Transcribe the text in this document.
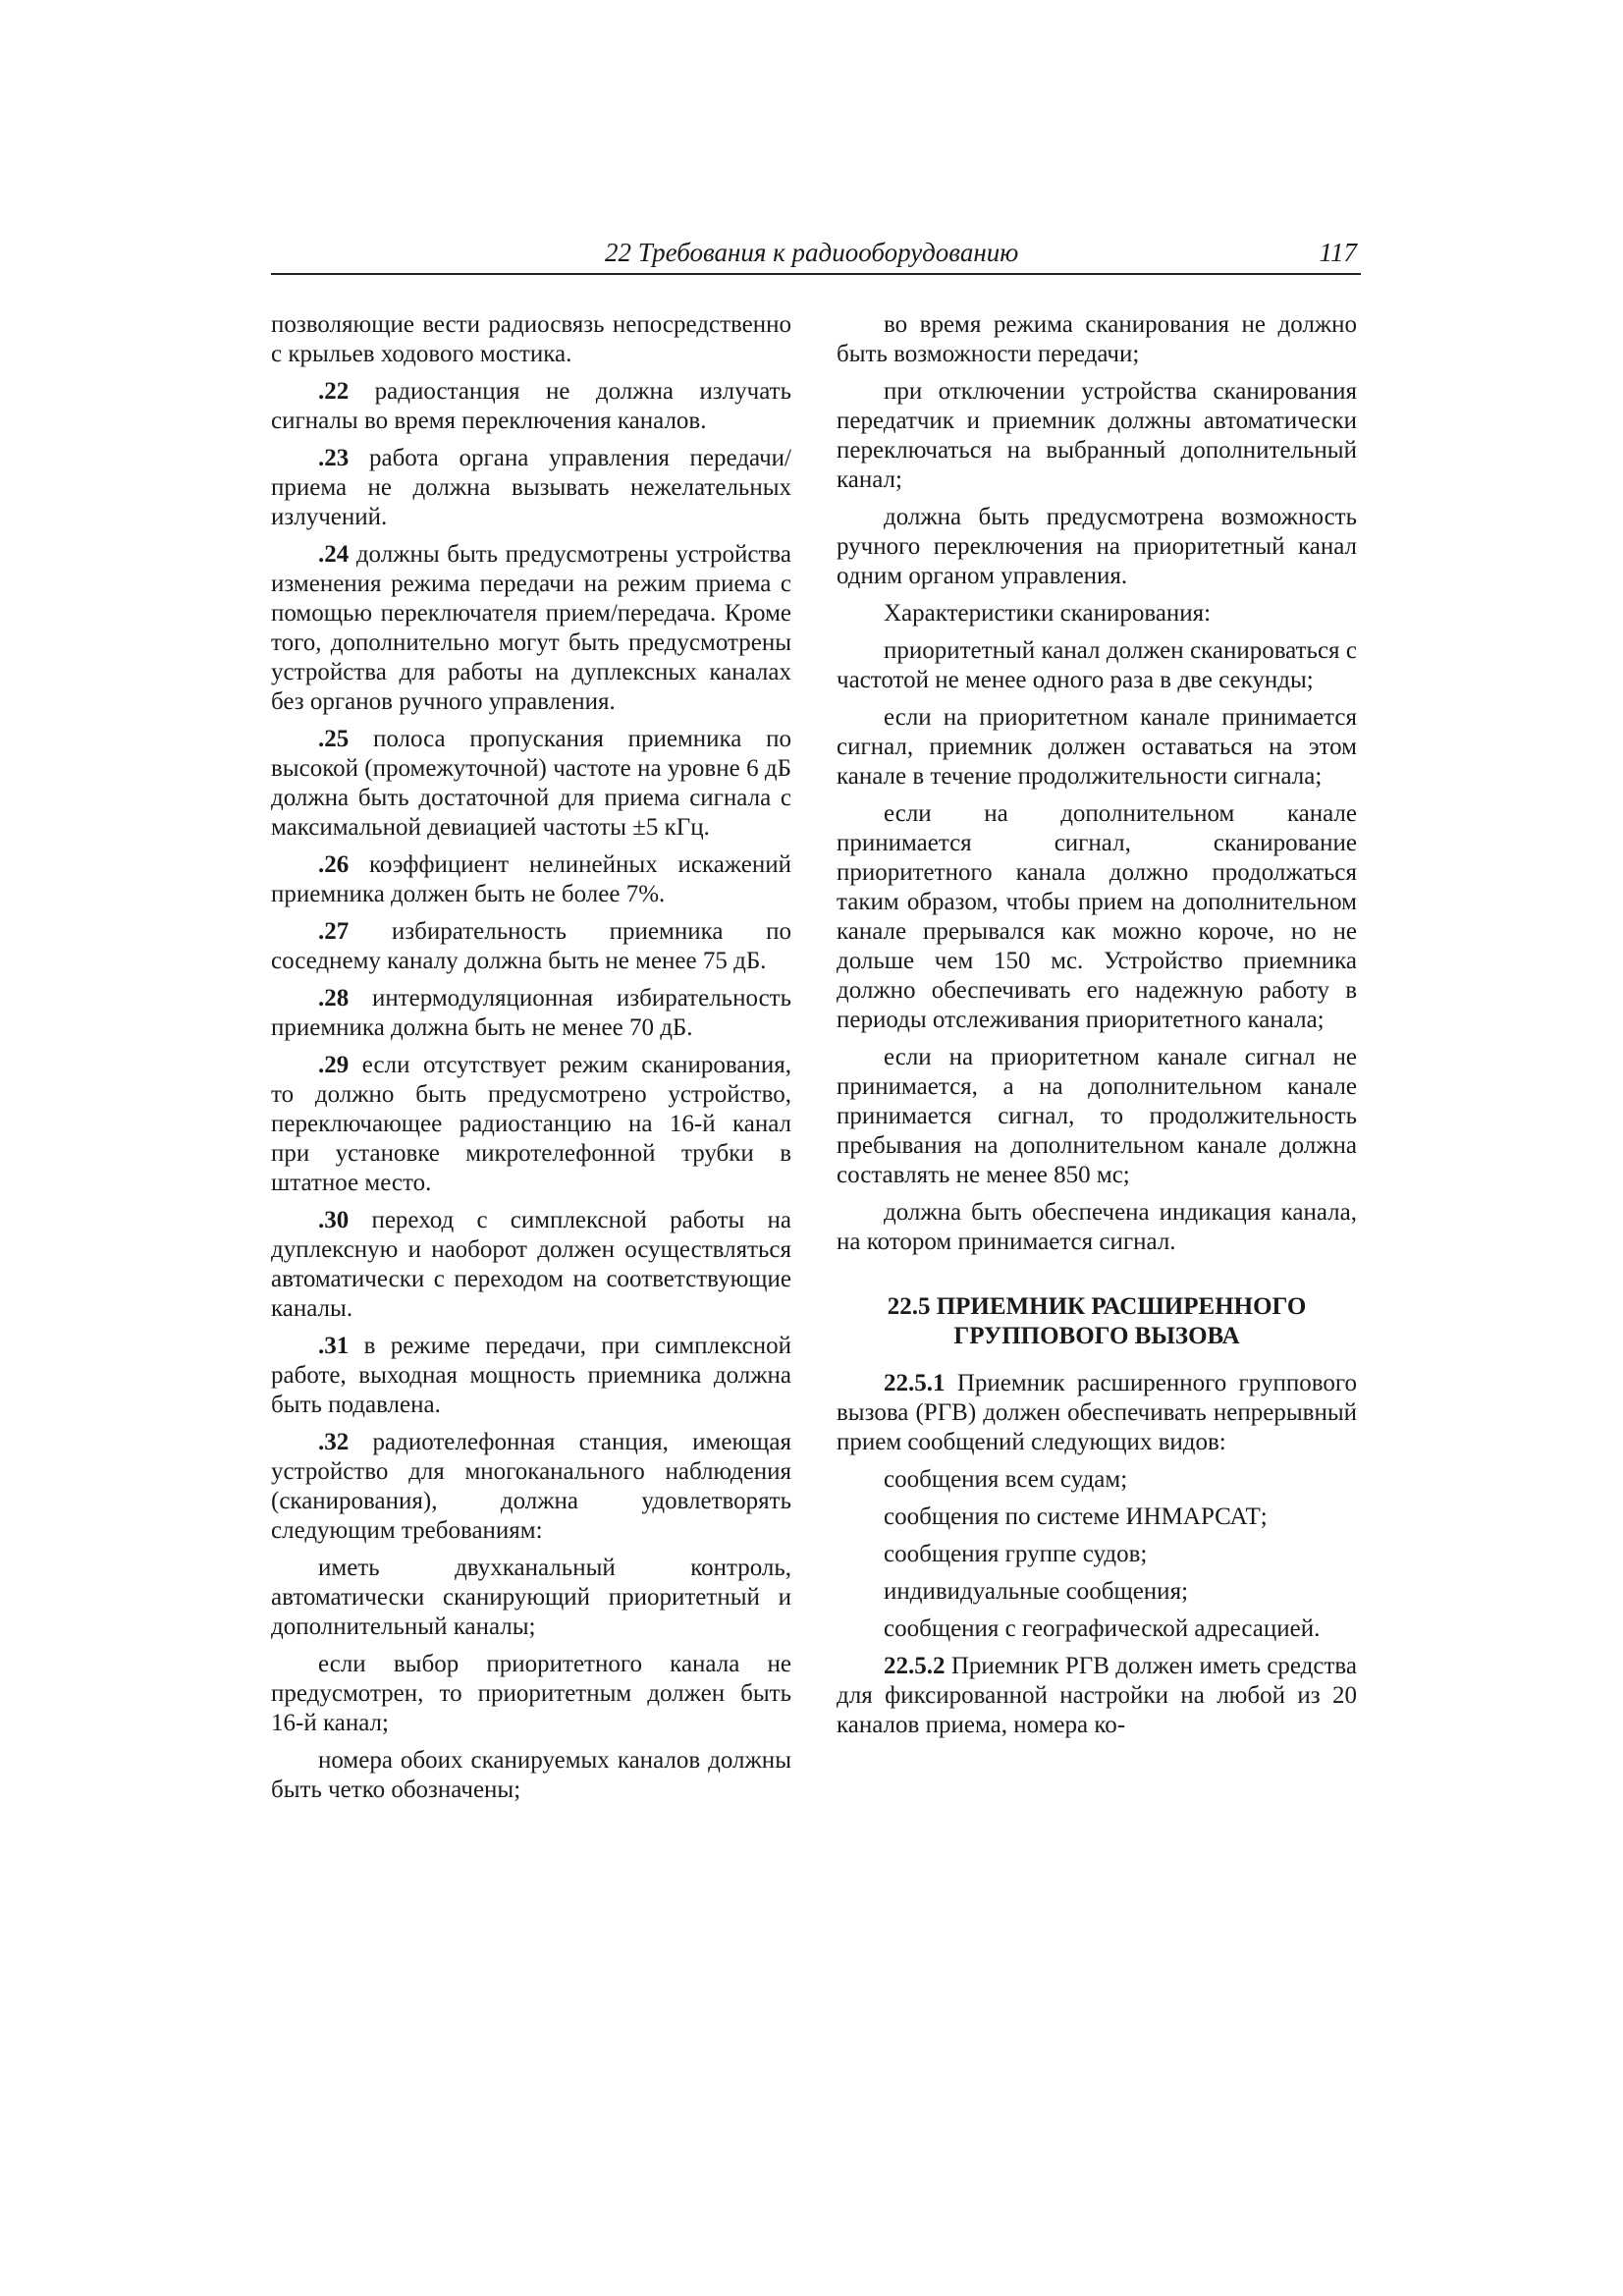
22 Требования к радиооборудованию	117

позволяющие вести радиосвязь непосредственно с крыльев ходового мостика.

.22 радиостанция не должна излучать сигналы во время переключения каналов.

.23 работа органа управления передачи/приема не должна вызывать нежелательных излучений.

.24 должны быть предусмотрены устройства изменения режима передачи на режим приема с помощью переключателя прием/передача. Кроме того, дополнительно могут быть предусмотрены устройства для работы на дуплексных каналах без органов ручного управления.

.25 полоса пропускания приемника по высокой (промежуточной) частоте на уровне 6 дБ должна быть достаточной для приема сигнала с максимальной девиацией частоты ±5 кГц.

.26 коэффициент нелинейных искажений приемника должен быть не более 7%.

.27 избирательность приемника по соседнему каналу должна быть не менее 75 дБ.

.28 интермодуляционная избирательность приемника должна быть не менее 70 дБ.

.29 если отсутствует режим сканирования, то должно быть предусмотрено устройство, переключающее радиостанцию на 16-й канал при установке микротелефонной трубки в штатное место.

.30 переход с симплексной работы на дуплексную и наоборот должен осуществляться автоматически с переходом на соответствующие каналы.

.31 в режиме передачи, при симплексной работе, выходная мощность приемника должна быть подавлена.

.32 радиотелефонная станция, имеющая устройство для многоканального наблюдения (сканирования), должна удовлетворять следующим требованиям:

иметь двухканальный контроль, автоматически сканирующий приоритетный и дополнительный каналы;

если выбор приоритетного канала не предусмотрен, то приоритетным должен быть 16-й канал;

номера обоих сканируемых каналов должны быть четко обозначены;

во время режима сканирования не должно быть возможности передачи;

при отключении устройства сканирования передатчик и приемник должны автоматически переключаться на выбранный дополнительный канал;

должна быть предусмотрена возможность ручного переключения на приоритетный канал одним органом управления.

Характеристики сканирования:

приоритетный канал должен сканироваться с частотой не менее одного раза в две секунды;

если на приоритетном канале принимается сигнал, приемник должен оставаться на этом канале в течение продолжительности сигнала;

если на дополнительном канале принимается сигнал, сканирование приоритетного канала должно продолжаться таким образом, чтобы прием на дополнительном канале прерывался как можно короче, но не дольше чем 150 мс. Устройство приемника должно обеспечивать его надежную работу в периоды отслеживания приоритетного канала;

если на приоритетном канале сигнал не принимается, а на дополнительном канале принимается сигнал, то продолжительность пребывания на дополнительном канале должна составлять не менее 850 мс;

должна быть обеспечена индикация канала, на котором принимается сигнал.

22.5 ПРИЕМНИК РАСШИРЕННОГО
ГРУППОВОГО ВЫЗОВА

22.5.1 Приемник расширенного группового вызова (РГВ) должен обеспечивать непрерывный прием сообщений следующих видов:

сообщения всем судам;

сообщения по системе ИНМАРСАТ;

сообщения группе судов;

индивидуальные сообщения;

сообщения с географической адресацией.

22.5.2 Приемник РГВ должен иметь средства для фиксированной настройки на любой из 20 каналов приема, номера ко-
